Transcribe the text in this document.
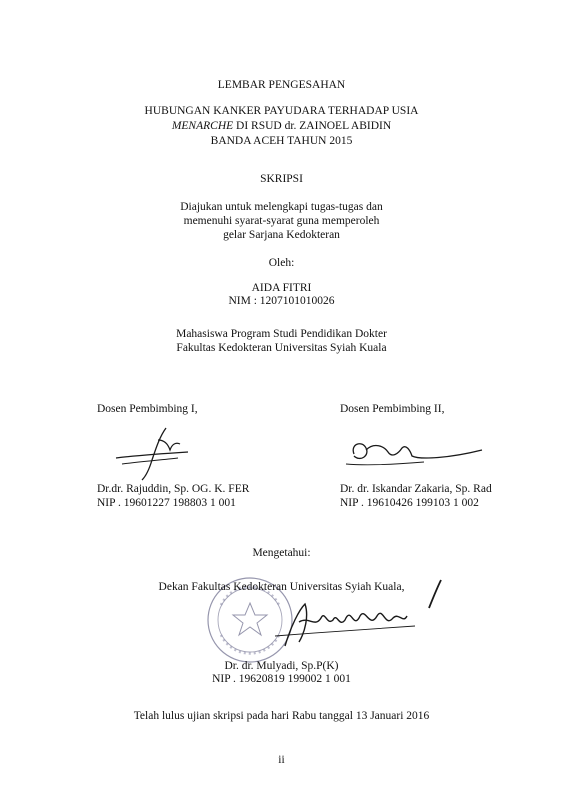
LEMBAR PENGESAHAN
HUBUNGAN KANKER PAYUDARA TERHADAP USIA
MENARCHE DI RSUD dr. ZAINOEL ABIDIN
BANDA ACEH TAHUN 2015
SKRIPSI
Diajukan untuk melengkapi tugas-tugas dan
memenuhi syarat-syarat guna memperoleh
gelar Sarjana Kedokteran
Oleh:
AIDA FITRI
NIM : 1207101010026
Mahasiswa Program Studi Pendidikan Dokter
Fakultas Kedokteran Universitas Syiah Kuala
Dosen Pembimbing I,
Dr.dr. Rajuddin, Sp. OG. K. FER
NIP . 19601227 198803 1 001
Dosen Pembimbing II,
Dr. dr. Iskandar Zakaria, Sp. Rad
NIP . 19610426 199103 1 002
Mengetahui:
Dekan Fakultas Kedokteran Universitas Syiah Kuala,
Dr. dr. Mulyadi, Sp.P(K)
NIP . 19620819 199002 1 001
Telah lulus ujian skripsi pada hari Rabu tanggal 13 Januari 2016
ii
